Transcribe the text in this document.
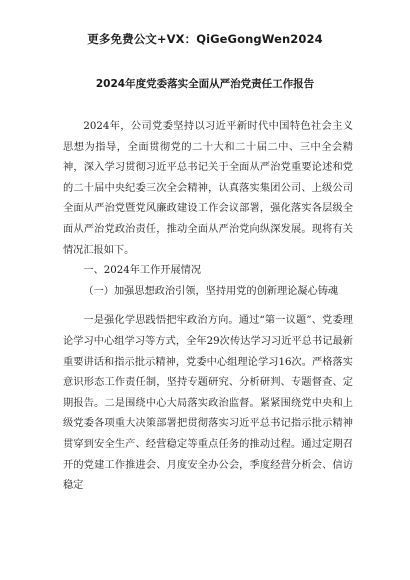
更多免费公文+VX：QiGeGongWen2024
2024年度党委落实全面从严治党责任工作报告

2024年，公司党委坚持以习近平新时代中国特色社会主义思想为指导，全面贯彻党的二十大和二十届二中、三中全会精神，深入学习贯彻习近平总书记关于全面从严治党重要论述和党的二十届中央纪委三次全会精神，认真落实集团公司、上级公司全面从严治党暨党风廉政建设工作会议部署，强化落实各层级全面从严治党政治责任，推动全面从严治党向纵深发展。现将有关情况汇报如下。

一、2024年工作开展情况

（一）加强思想政治引领，坚持用党的创新理论凝心铸魂

一是强化学思践悟把牢政治方向。通过“第一议题”、党委理论学习中心组学习等方式，全年29次传达学习习近平总书记最新重要讲话和指示批示精神，党委中心组理论学习16次。严格落实意识形态工作责任制，坚持专题研究、分析研判、专题督查、定期报告。二是围绕中心大局落实政治监督。紧紧围绕党中央和上级党委各项重大决策部署把贯彻落实习近平总书记指示批示精神贯穿到安全生产、经营稳定等重点任务的推动过程。通过定期召开的党建工作推进会、月度安全办公会，季度经营分析会、信访稳定
